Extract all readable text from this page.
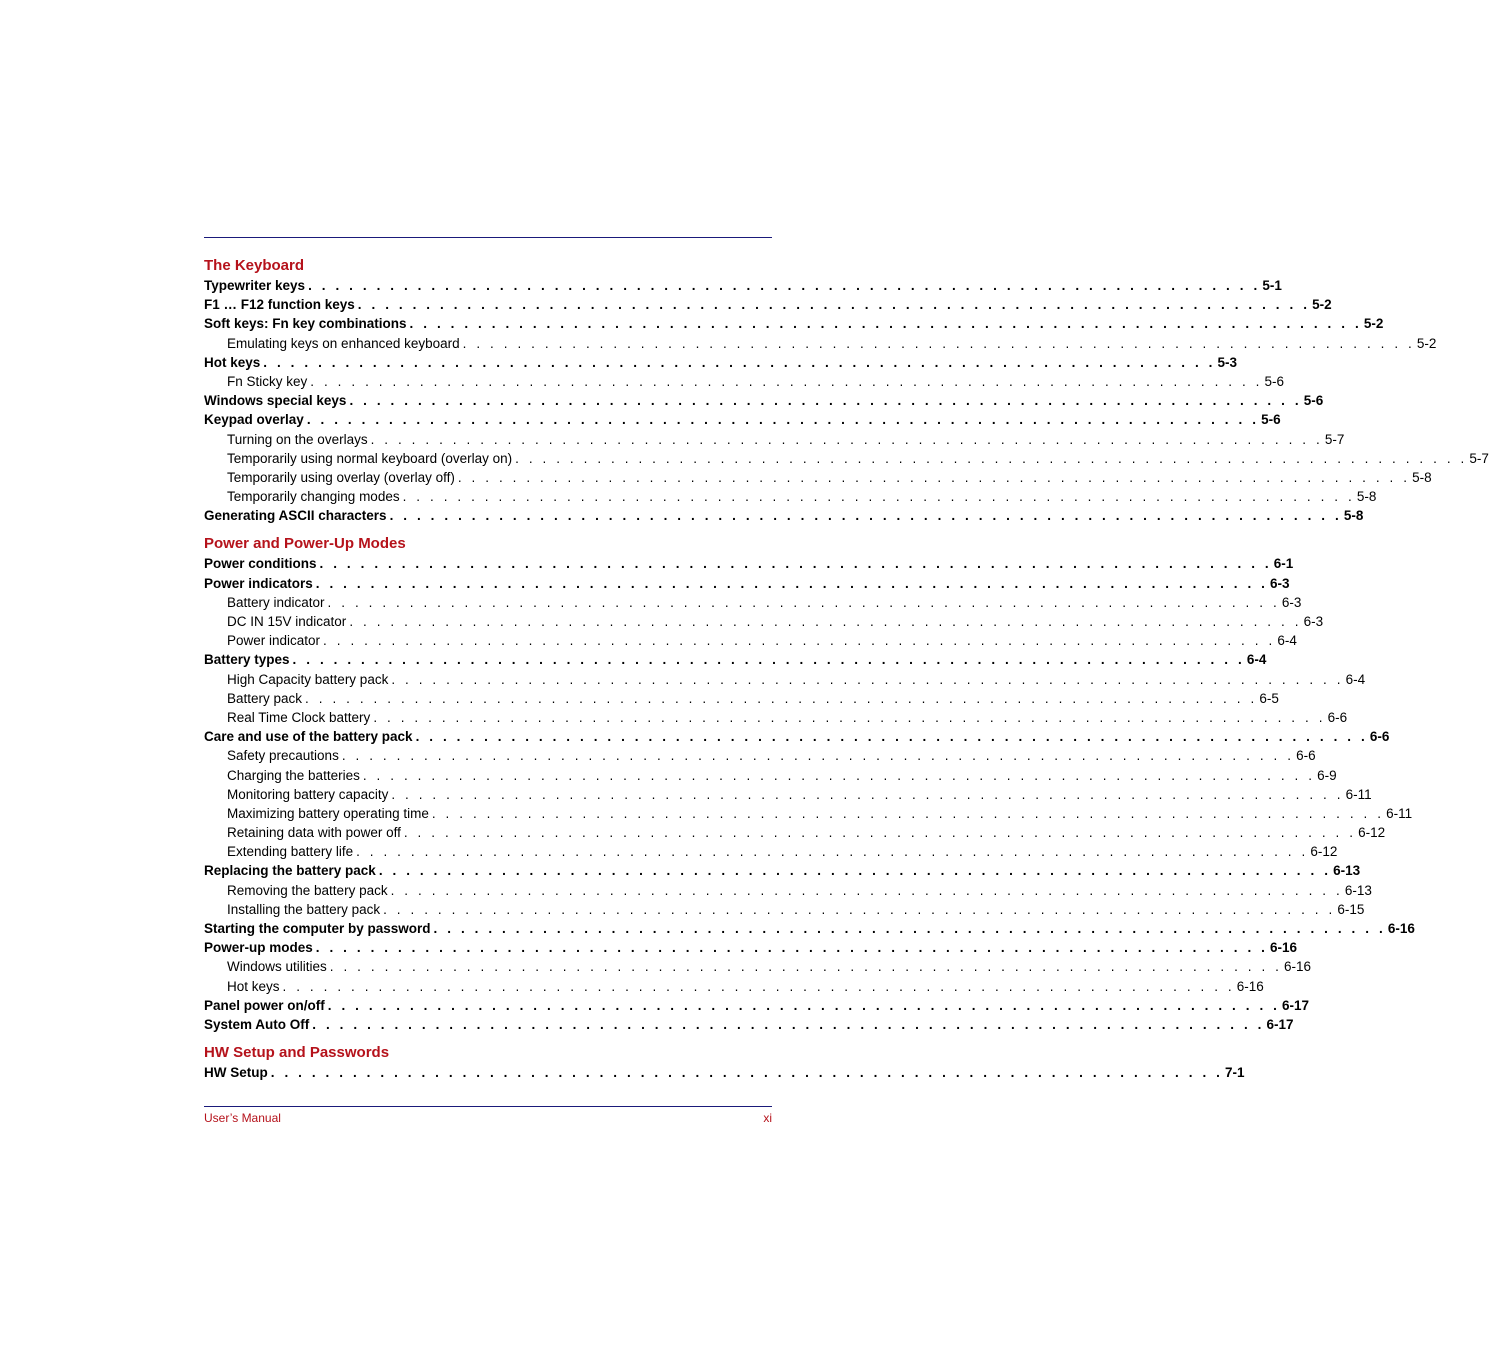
The Keyboard
Typewriter keys . . . . . . . . . . . . . . . . . . . . . . . . . . . . . . . . . . . . . . . . . . . . . . . . . . . . . . . . . . . . . . . . . . . . . . 5-1
F1 … F12 function keys . . . . . . . . . . . . . . . . . . . . . . . . . . . . . . . . . . . . . . . . . . . . . . . . . . . . . . . . . . . . . . . . . . . . . . 5-2
Soft keys: Fn key combinations . . . . . . . . . . . . . . . . . . . . . . . . . . . . . . . . . . . . . . . . . . . . . . . . . . . . . . . . . . . . . . . . . . . . . . 5-2
Emulating keys on enhanced keyboard . . . . . . . . . . . . . . . . . . . . . . . . . . . . . . . . . . . . . . . . . . . . . . . . . . . . . . . . . . . . . . . . . . . . . . 5-2
Hot keys . . . . . . . . . . . . . . . . . . . . . . . . . . . . . . . . . . . . . . . . . . . . . . . . . . . . . . . . . . . . . . . . . . . . . . 5-3
Fn Sticky key . . . . . . . . . . . . . . . . . . . . . . . . . . . . . . . . . . . . . . . . . . . . . . . . . . . . . . . . . . . . . . . . . . . . . . 5-6
Windows special keys . . . . . . . . . . . . . . . . . . . . . . . . . . . . . . . . . . . . . . . . . . . . . . . . . . . . . . . . . . . . . . . . . . . . . . 5-6
Keypad overlay . . . . . . . . . . . . . . . . . . . . . . . . . . . . . . . . . . . . . . . . . . . . . . . . . . . . . . . . . . . . . . . . . . . . . . 5-6
Turning on the overlays . . . . . . . . . . . . . . . . . . . . . . . . . . . . . . . . . . . . . . . . . . . . . . . . . . . . . . . . . . . . . . . . . . . . . . 5-7
Temporarily using normal keyboard (overlay on) . . . . . . . . . . . . . . . . . . . . . . . . . . . . . . . . . . . . . . . . . . . . . . . . . . . . . . . . . . . . . . . . . . . . . . 5-7
Temporarily using overlay (overlay off) . . . . . . . . . . . . . . . . . . . . . . . . . . . . . . . . . . . . . . . . . . . . . . . . . . . . . . . . . . . . . . . . . . . . . . 5-8
Temporarily changing modes . . . . . . . . . . . . . . . . . . . . . . . . . . . . . . . . . . . . . . . . . . . . . . . . . . . . . . . . . . . . . . . . . . . . . . 5-8
Generating ASCII characters . . . . . . . . . . . . . . . . . . . . . . . . . . . . . . . . . . . . . . . . . . . . . . . . . . . . . . . . . . . . . . . . . . . . . . 5-8
Power and Power-Up Modes
Power conditions . . . . . . . . . . . . . . . . . . . . . . . . . . . . . . . . . . . . . . . . . . . . . . . . . . . . . . . . . . . . . . . . . . . . . . 6-1
Power indicators . . . . . . . . . . . . . . . . . . . . . . . . . . . . . . . . . . . . . . . . . . . . . . . . . . . . . . . . . . . . . . . . . . . . . . 6-3
Battery indicator . . . . . . . . . . . . . . . . . . . . . . . . . . . . . . . . . . . . . . . . . . . . . . . . . . . . . . . . . . . . . . . . . . . . . . 6-3
DC IN 15V indicator . . . . . . . . . . . . . . . . . . . . . . . . . . . . . . . . . . . . . . . . . . . . . . . . . . . . . . . . . . . . . . . . . . . . . . 6-3
Power indicator . . . . . . . . . . . . . . . . . . . . . . . . . . . . . . . . . . . . . . . . . . . . . . . . . . . . . . . . . . . . . . . . . . . . . . 6-4
Battery types . . . . . . . . . . . . . . . . . . . . . . . . . . . . . . . . . . . . . . . . . . . . . . . . . . . . . . . . . . . . . . . . . . . . . . 6-4
High Capacity battery pack . . . . . . . . . . . . . . . . . . . . . . . . . . . . . . . . . . . . . . . . . . . . . . . . . . . . . . . . . . . . . . . . . . . . . . 6-4
Battery pack . . . . . . . . . . . . . . . . . . . . . . . . . . . . . . . . . . . . . . . . . . . . . . . . . . . . . . . . . . . . . . . . . . . . . . 6-5
Real Time Clock battery . . . . . . . . . . . . . . . . . . . . . . . . . . . . . . . . . . . . . . . . . . . . . . . . . . . . . . . . . . . . . . . . . . . . . . 6-6
Care and use of the battery pack . . . . . . . . . . . . . . . . . . . . . . . . . . . . . . . . . . . . . . . . . . . . . . . . . . . . . . . . . . . . . . . . . . . . . . 6-6
Safety precautions . . . . . . . . . . . . . . . . . . . . . . . . . . . . . . . . . . . . . . . . . . . . . . . . . . . . . . . . . . . . . . . . . . . . . . 6-6
Charging the batteries . . . . . . . . . . . . . . . . . . . . . . . . . . . . . . . . . . . . . . . . . . . . . . . . . . . . . . . . . . . . . . . . . . . . . . 6-9
Monitoring battery capacity . . . . . . . . . . . . . . . . . . . . . . . . . . . . . . . . . . . . . . . . . . . . . . . . . . . . . . . . . . . . . . . . . . . . . . 6-11
Maximizing battery operating time . . . . . . . . . . . . . . . . . . . . . . . . . . . . . . . . . . . . . . . . . . . . . . . . . . . . . . . . . . . . . . . . . . . . . . 6-11
Retaining data with power off . . . . . . . . . . . . . . . . . . . . . . . . . . . . . . . . . . . . . . . . . . . . . . . . . . . . . . . . . . . . . . . . . . . . . . 6-12
Extending battery life . . . . . . . . . . . . . . . . . . . . . . . . . . . . . . . . . . . . . . . . . . . . . . . . . . . . . . . . . . . . . . . . . . . . . . 6-12
Replacing the battery pack . . . . . . . . . . . . . . . . . . . . . . . . . . . . . . . . . . . . . . . . . . . . . . . . . . . . . . . . . . . . . . . . . . . . . . 6-13
Removing the battery pack . . . . . . . . . . . . . . . . . . . . . . . . . . . . . . . . . . . . . . . . . . . . . . . . . . . . . . . . . . . . . . . . . . . . . . 6-13
Installing the battery pack . . . . . . . . . . . . . . . . . . . . . . . . . . . . . . . . . . . . . . . . . . . . . . . . . . . . . . . . . . . . . . . . . . . . . . 6-15
Starting the computer by password . . . . . . . . . . . . . . . . . . . . . . . . . . . . . . . . . . . . . . . . . . . . . . . . . . . . . . . . . . . . . . . . . . . . . . 6-16
Power-up modes . . . . . . . . . . . . . . . . . . . . . . . . . . . . . . . . . . . . . . . . . . . . . . . . . . . . . . . . . . . . . . . . . . . . . . 6-16
Windows utilities . . . . . . . . . . . . . . . . . . . . . . . . . . . . . . . . . . . . . . . . . . . . . . . . . . . . . . . . . . . . . . . . . . . . . . 6-16
Hot keys . . . . . . . . . . . . . . . . . . . . . . . . . . . . . . . . . . . . . . . . . . . . . . . . . . . . . . . . . . . . . . . . . . . . . . 6-16
Panel power on/off . . . . . . . . . . . . . . . . . . . . . . . . . . . . . . . . . . . . . . . . . . . . . . . . . . . . . . . . . . . . . . . . . . . . . . 6-17
System Auto Off . . . . . . . . . . . . . . . . . . . . . . . . . . . . . . . . . . . . . . . . . . . . . . . . . . . . . . . . . . . . . . . . . . . . . . 6-17
HW Setup and Passwords
HW Setup . . . . . . . . . . . . . . . . . . . . . . . . . . . . . . . . . . . . . . . . . . . . . . . . . . . . . . . . . . . . . . . . . . . . . . 7-1
User’s Manual	xi
